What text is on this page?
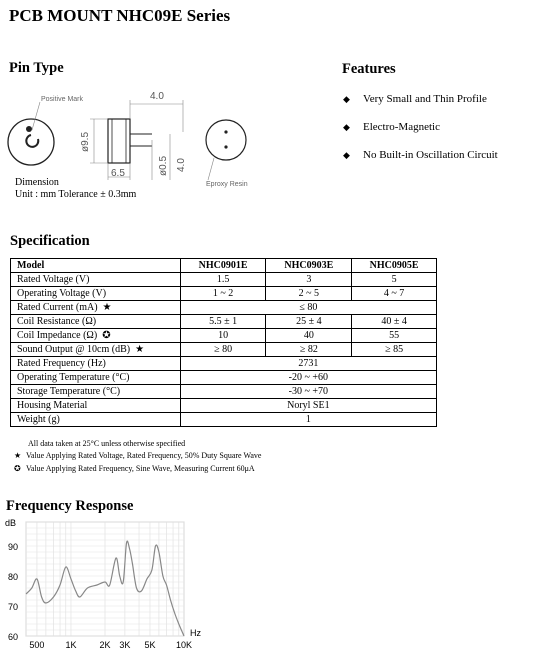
PCB MOUNT NHC09E Series
Pin Type
Positive Mark	4.0
ø9.5
6.5	ø0.5 4.0
Eproxy Resin
Dimension
Unit : mm Tolerance ± 0.3mm
Features
◆	Very Small and Thin Profile
◆	Electro-Magnetic
◆	No Built-in Oscillation Circuit
Specification
Model	NHC0901E	NHC0903E	NHC0905E
Rated Voltage (V)	1.5	3	5
Operating Voltage (V)	1 ~ 2	2 ~ 5	4 ~ 7
Rated Current (mA) ★	≤ 80		
Coil Resistance (Ω)	5.5 ± 1	25 ± 4	40 ± 4
Coil Impedance (Ω) ✪	10	40	55
Sound Output @ 10cm (dB) ★	≥ 80	≥ 82	≥ 85
Rated Frequency (Hz)	2731		
Operating Temperature (°C)	-20 ~ +60		
Storage Temperature (°C)	-30 ~ +70		
Housing Material	Noryl SE1		
Weight (g)	1		
All data taken at 25°C unless otherwise specified
★ Value Applying Rated Voltage, Rated Frequency, 50% Duty Square Wave
✪ Value Applying Rated Frequency, Sine Wave, Measuring Current 60μA
Frequency Response
dB
Hz
90
80
70
60
500 1K	2K 3K 5K 10K
